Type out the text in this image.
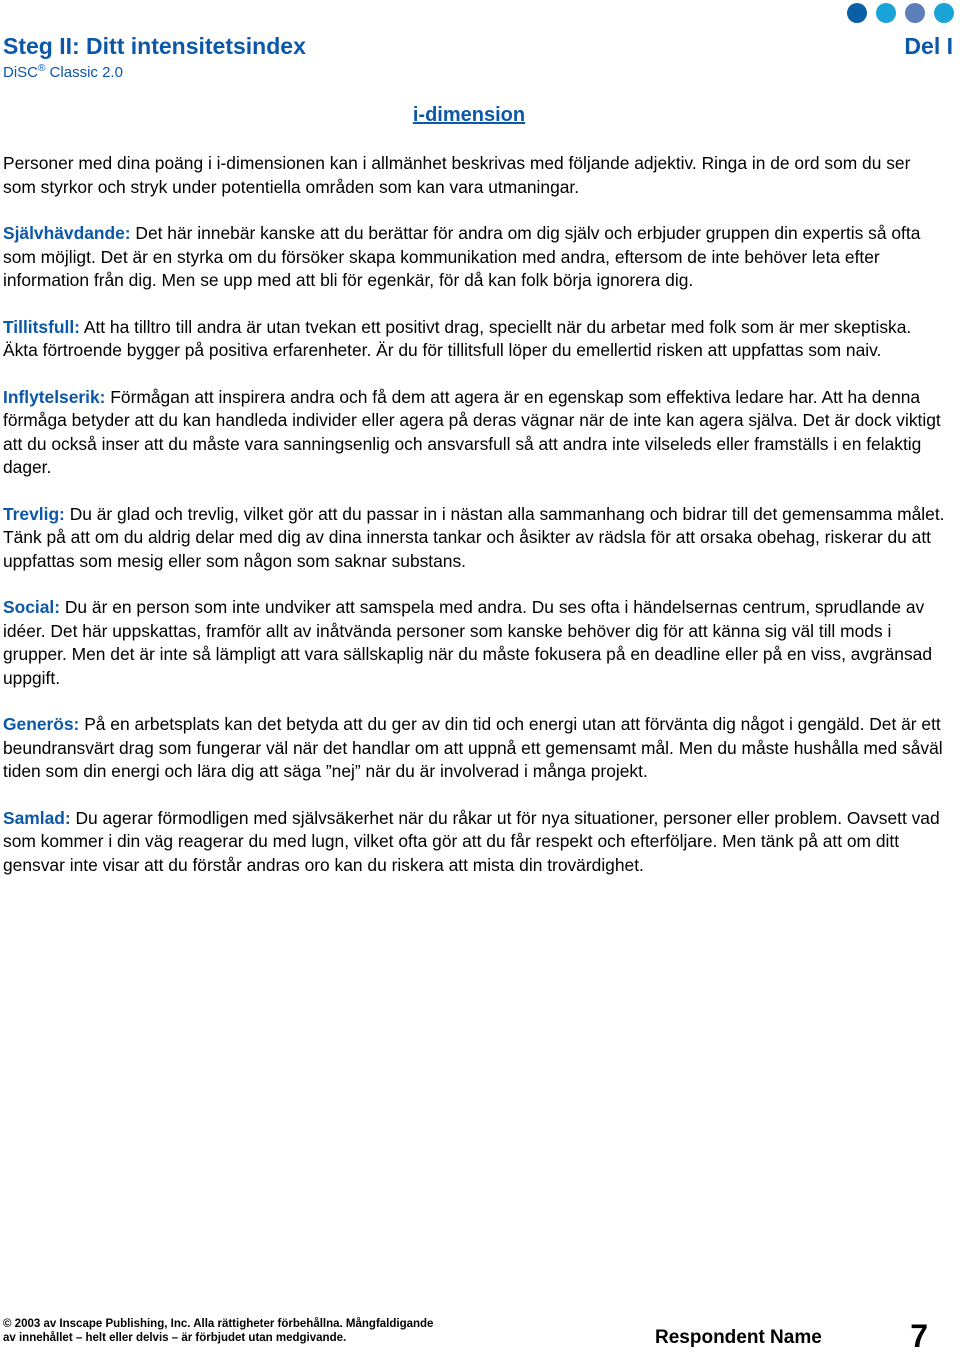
Steg II: Ditt intensitetsindex	Del I
DiSC® Classic 2.0
i-dimension

Personer med dina poäng i i-dimensionen kan i allmänhet beskrivas med följande adjektiv. Ringa in de ord som du ser som styrkor och stryk under potentiella områden som kan vara utmaningar.

Självhävdande: Det här innebär kanske att du berättar för andra om dig själv och erbjuder gruppen din expertis så ofta som möjligt. Det är en styrka om du försöker skapa kommunikation med andra, eftersom de inte behöver leta efter information från dig. Men se upp med att bli för egenkär, för då kan folk börja ignorera dig.

Tillitsfull: Att ha tilltro till andra är utan tvekan ett positivt drag, speciellt när du arbetar med folk som är mer skeptiska. Äkta förtroende bygger på positiva erfarenheter. Är du för tillitsfull löper du emellertid risken att uppfattas som naiv.

Inflytelserik: Förmågan att inspirera andra och få dem att agera är en egenskap som effektiva ledare har. Att ha denna förmåga betyder att du kan handleda individer eller agera på deras vägnar när de inte kan agera själva. Det är dock viktigt att du också inser att du måste vara sanningsenlig och ansvarsfull så att andra inte vilseleds eller framställs i en felaktig dager.

Trevlig: Du är glad och trevlig, vilket gör att du passar in i nästan alla sammanhang och bidrar till det gemensamma målet. Tänk på att om du aldrig delar med dig av dina innersta tankar och åsikter av rädsla för att orsaka obehag, riskerar du att uppfattas som mesig eller som någon som saknar substans.

Social: Du är en person som inte undviker att samspela med andra. Du ses ofta i händelsernas centrum, sprudlande av idéer. Det här uppskattas, framför allt av inåtvända personer som kanske behöver dig för att känna sig väl till mods i grupper. Men det är inte så lämpligt att vara sällskaplig när du måste fokusera på en deadline eller på en viss, avgränsad uppgift.

Generös: På en arbetsplats kan det betyda att du ger av din tid och energi utan att förvänta dig något i gengäld. Det är ett beundransvärt drag som fungerar väl när det handlar om att uppnå ett gemensamt mål. Men du måste hushålla med såväl tiden som din energi och lära dig att säga ”nej” när du är involverad i många projekt.

Samlad: Du agerar förmodligen med självsäkerhet när du råkar ut för nya situationer, personer eller problem. Oavsett vad som kommer i din väg reagerar du med lugn, vilket ofta gör att du får respekt och efterföljare. Men tänk på att om ditt gensvar inte visar att du förstår andras oro kan du riskera att mista din trovärdighet.

© 2003 av Inscape Publishing, Inc. Alla rättigheter förbehållna. Mångfaldigande
av innehållet – helt eller delvis – är förbjudet utan medgivande.	Respondent Name	7
